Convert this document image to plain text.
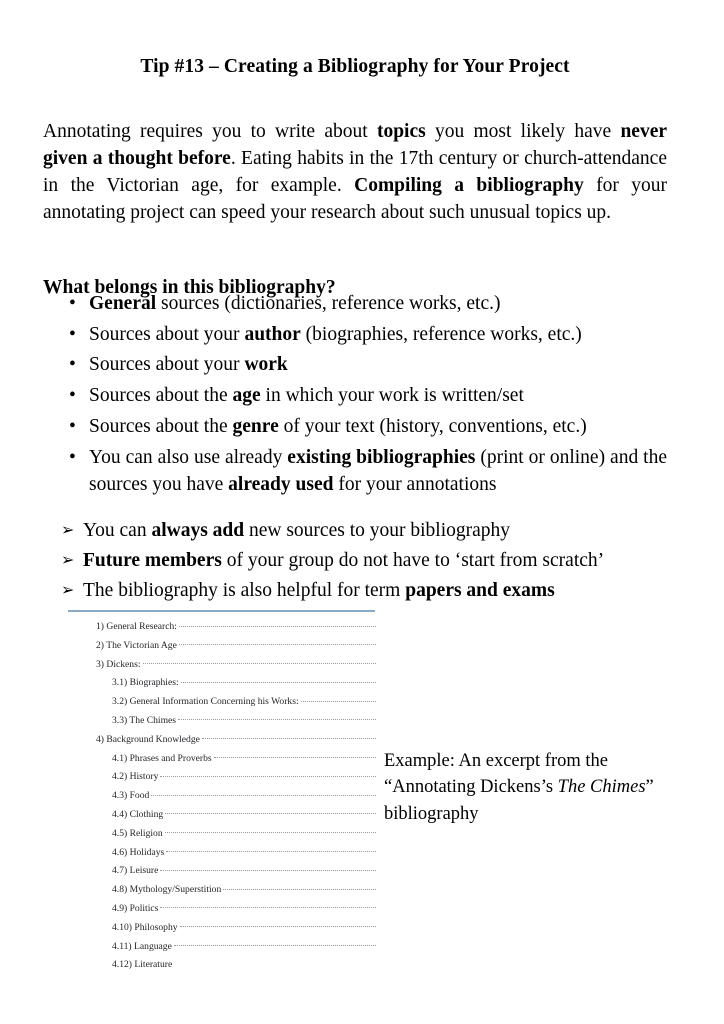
Tip #13 – Creating a Bibliography for Your Project

Annotating requires you to write about topics you most likely have never given a thought before. Eating habits in the 17th century or church-attendance in the Victorian age, for example. Compiling a bibliography for your annotating project can speed your research about such unusual topics up.

What belongs in this bibliography?
• General sources (dictionaries, reference works, etc.)
• Sources about your author (biographies, reference works, etc.)
• Sources about your work
• Sources about the age in which your work is written/set
• Sources about the genre of your text (history, conventions, etc.)
• You can also use already existing bibliographies (print or online) and the sources you have already used for your annotations
➢ You can always add new sources to your bibliography
➢ Future members of your group do not have to ‘start from scratch’
➢ The bibliography is also helpful for term papers and exams
1) General Research:
2) The Victorian Age
3) Dickens:
3.1) Biographies:
3.2) General Information Concerning his Works:
3.3) The Chimes
4) Background Knowledge
4.1) Phrases and Proverbs
4.2) History
4.3) Food
4.4) Clothing
4.5) Religion
4.6) Holidays
4.7) Leisure
4.8) Mythology/Superstition
4.9) Politics
4.10) Philosophy
4.11) Language
4.12) Literature

Example: An excerpt from the “Annotating Dickens’s The Chimes” bibliography
